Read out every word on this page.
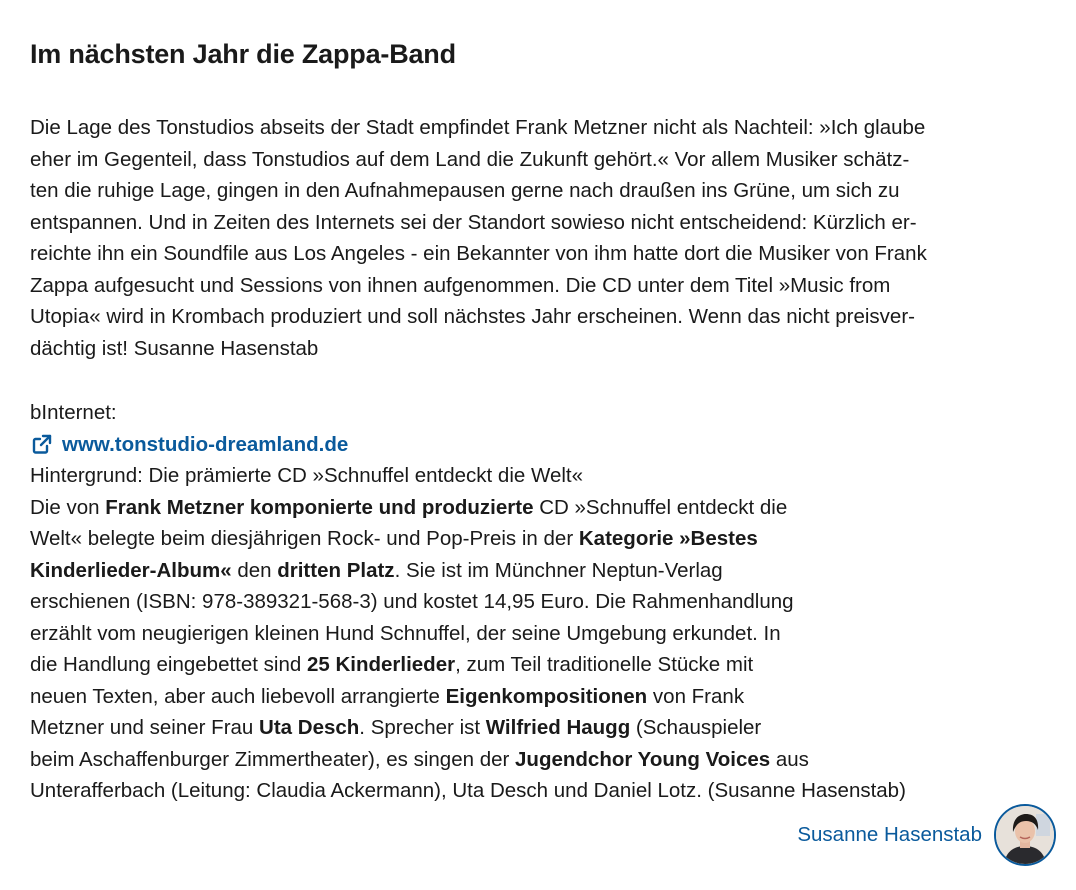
Im nächsten Jahr die Zappa-Band
Die Lage des Tonstudios abseits der Stadt empfindet Frank Metzner nicht als Nachteil: »Ich glaube
eher im Gegenteil, dass Tonstudios auf dem Land die Zukunft gehört.« Vor allem Musiker schätz-
ten die ruhige Lage, gingen in den Aufnahmepausen gerne nach draußen ins Grüne, um sich zu
entspannen. Und in Zeiten des Internets sei der Standort sowieso nicht entscheidend: Kürzlich er-
reichte ihn ein Soundfile aus Los Angeles - ein Bekannter von ihm hatte dort die Musiker von Frank
Zappa aufgesucht und Sessions von ihnen aufgenommen. Die CD unter dem Titel »Music from
Utopia« wird in Krombach produziert und soll nächstes Jahr erscheinen. Wenn das nicht preisver-
dächtig ist! Susanne Hasenstab
bInternet:
www.tonstudio-dreamland.de
Hintergrund: Die prämierte CD »Schnuffel entdeckt die Welt«
Die von Frank Metzner komponierte und produzierte CD »Schnuffel entdeckt die
Welt« belegte beim diesjährigen Rock- und Pop-Preis in der Kategorie »Bestes
Kinderlieder-Album« den dritten Platz. Sie ist im Münchner Neptun-Verlag
erschienen (ISBN: 978-389321-568-3) und kostet 14,95 Euro. Die Rahmenhandlung
erzählt vom neugierigen kleinen Hund Schnuffel, der seine Umgebung erkundet. In
die Handlung eingebettet sind 25 Kinderlieder, zum Teil traditionelle Stücke mit
neuen Texten, aber auch liebevoll arrangierte Eigenkompositionen von Frank
Metzner und seiner Frau Uta Desch. Sprecher ist Wilfried Haugg (Schauspieler
beim Aschaffenburger Zimmertheater), es singen der Jugendchor Young Voices aus
Unterafferbach (Leitung: Claudia Ackermann), Uta Desch und Daniel Lotz. (Susanne Hasenstab)
Susanne Hasenstab
